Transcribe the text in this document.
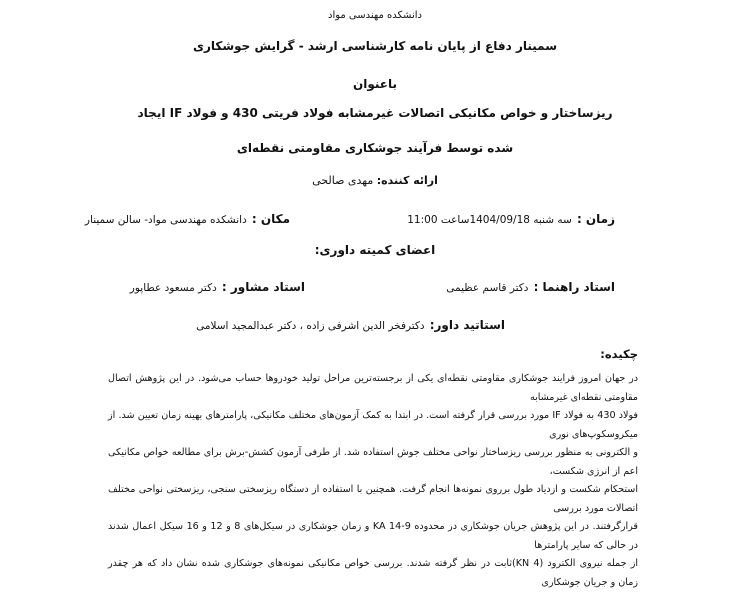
دانشکده مهندسی مواد
سمینار دفاع از پایان نامه کارشناسی ارشد - گرایش جوشکاری
باعنوان
ریزساختار و خواص مکانیکی اتصالات غیرمشابه فولاد فریتی 430 و فولاد IF ایجاد
شده توسط فرآیند جوشکاری مقاومتی نقطه‌ای
ارائه کننده: مهدی صالحی
زمان : سه شنبه 1404/09/18ساعت 11:00
مکان : دانشکده مهندسی مواد- سالن سمینار
اعضای کمیته داوری:
استاد راهنما : دکتر قاسم عظیمی
استاد مشاور : دکتر مسعود عطاپور
استاتید داور: دکترفخر الدین اشرفی زاده ، دکتر عبدالمجید اسلامی
چکیده:
در جهان امروز فرایند جوشکاری مقاومتی نقطه‌ای یکی از برجسته‌ترین مراحل تولید خودروها حساب می‌شود. در این پژوهش اتصال مقاومتی نقطه‌ای غیرمشابه
فولاد 430 به فولاد IF مورد بررسی قرار گرفته است. در ابتدا به کمک آزمون‌های مختلف مکانیکی، پارامترهای بهینه زمان تعیین شد. از میکروسکوپ‌های نوری
و الکترونی به منظور بررسی ریزساختار نواحی مختلف جوش استفاده شد. از طرفی آزمون کشش-برش برای مطالعه خواص مکانیکی اعم از انرژی شکست،
استحکام شکست و ازدیاد طول برروی نمونه‌ها انجام گرفت. همچنین با استفاده از دستگاه ریزسختی سنجی، ریزسختی نواحی مختلف اتصالات مورد بررسی
قرارگرفتند. در این پژوهش جریان جوشکاری در محدوده KA 14-9 و زمان جوشکاری در سیکل‌های 8 و 12 و 16 سیکل اعمال شدند در حالی که سایر پارامترها
از جمله نیروی الکترود (KN 4)ثابت در نظر گرفته شدند. بررسی خواص مکانیکی نمونه‌های جوشکاری شده نشان داد که هر چقدر زمان و جریان جوشکاری
